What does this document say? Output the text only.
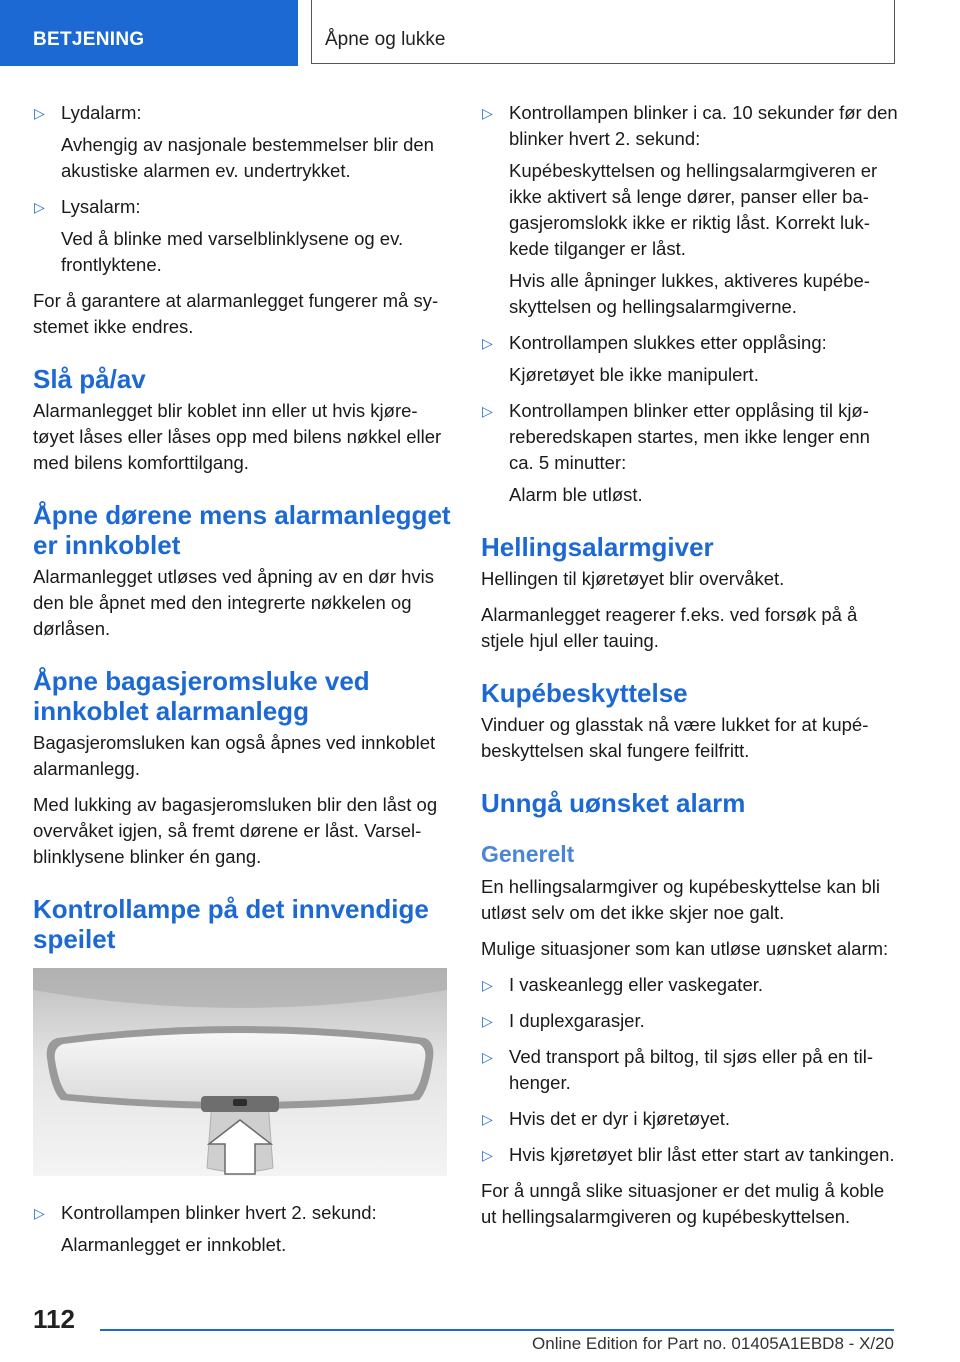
BETJENING	Åpne og lukke
▷ Lydalarm:

Avhengig av nasjonale bestemmelser blir den akustiske alarmen ev. undertrykket.

▷ Lysalarm:

Ved å blinke med varselblinklysene og ev. frontlyktene.

For å garantere at alarmanlegget fungerer må systemet ikke endres.

Slå på/av

Alarmanlegget blir koblet inn eller ut hvis kjøretøyet låses eller låses opp med bilens nøkkel eller med bilens komforttilgang.

Åpne dørene mens alarmanlegget er innkoblet

Alarmanlegget utløses ved åpning av en dør hvis den ble åpnet med den integrerte nøkkelen og dørlåsen.

Åpne bagasjeromsluke ved innkoblet alarmanlegg

Bagasjeromsluken kan også åpnes ved innkoblet alarmanlegg.

Med lukking av bagasjeromsluken blir den låst og overvåket igjen, så fremt dørene er låst. Varselblinklysene blinker én gang.

Kontrollampe på det innvendige speilet
▷ Kontrollampen blinker hvert 2. sekund:

Alarmanlegget er innkoblet.

▷ Kontrollampen blinker i ca. 10 sekunder før den blinker hvert 2. sekund:

Kupébeskyttelsen og hellingsalarmgiveren er ikke aktivert så lenge dører, panser eller bagasjeromslokk ikke er riktig låst. Korrekt lukkede tilganger er låst.

Hvis alle åpninger lukkes, aktiveres kupébeskyttelsen og hellingsalarmgiverne.

▷ Kontrollampen slukkes etter opplåsing:

Kjøretøyet ble ikke manipulert.

▷ Kontrollampen blinker etter opplåsing til kjøreberedskapen startes, men ikke lenger enn ca. 5 minutter:

Alarm ble utløst.

Hellingsalarmgiver

Hellingen til kjøretøyet blir overvåket.

Alarmanlegget reagerer f.eks. ved forsøk på å stjele hjul eller tauing.

Kupébeskyttelse

Vinduer og glasstak nå være lukket for at kupébeskyttelsen skal fungere feilfritt.

Unngå uønsket alarm
Generelt

En hellingsalarmgiver og kupébeskyttelse kan bli utløst selv om det ikke skjer noe galt.

Mulige situasjoner som kan utløse uønsket alarm:

▷ I vaskeanlegg eller vaskegater.

▷ I duplexgarasjer.

▷ Ved transport på biltog, til sjøs eller på en tilhenger.

▷ Hvis det er dyr i kjøretøyet.

▷ Hvis kjøretøyet blir låst etter start av tankingen.

For å unngå slike situasjoner er det mulig å koble ut hellingsalarmgiveren og kupébeskyttelsen.

112
Online Edition for Part no. 01405A1EBD8 - X/20
